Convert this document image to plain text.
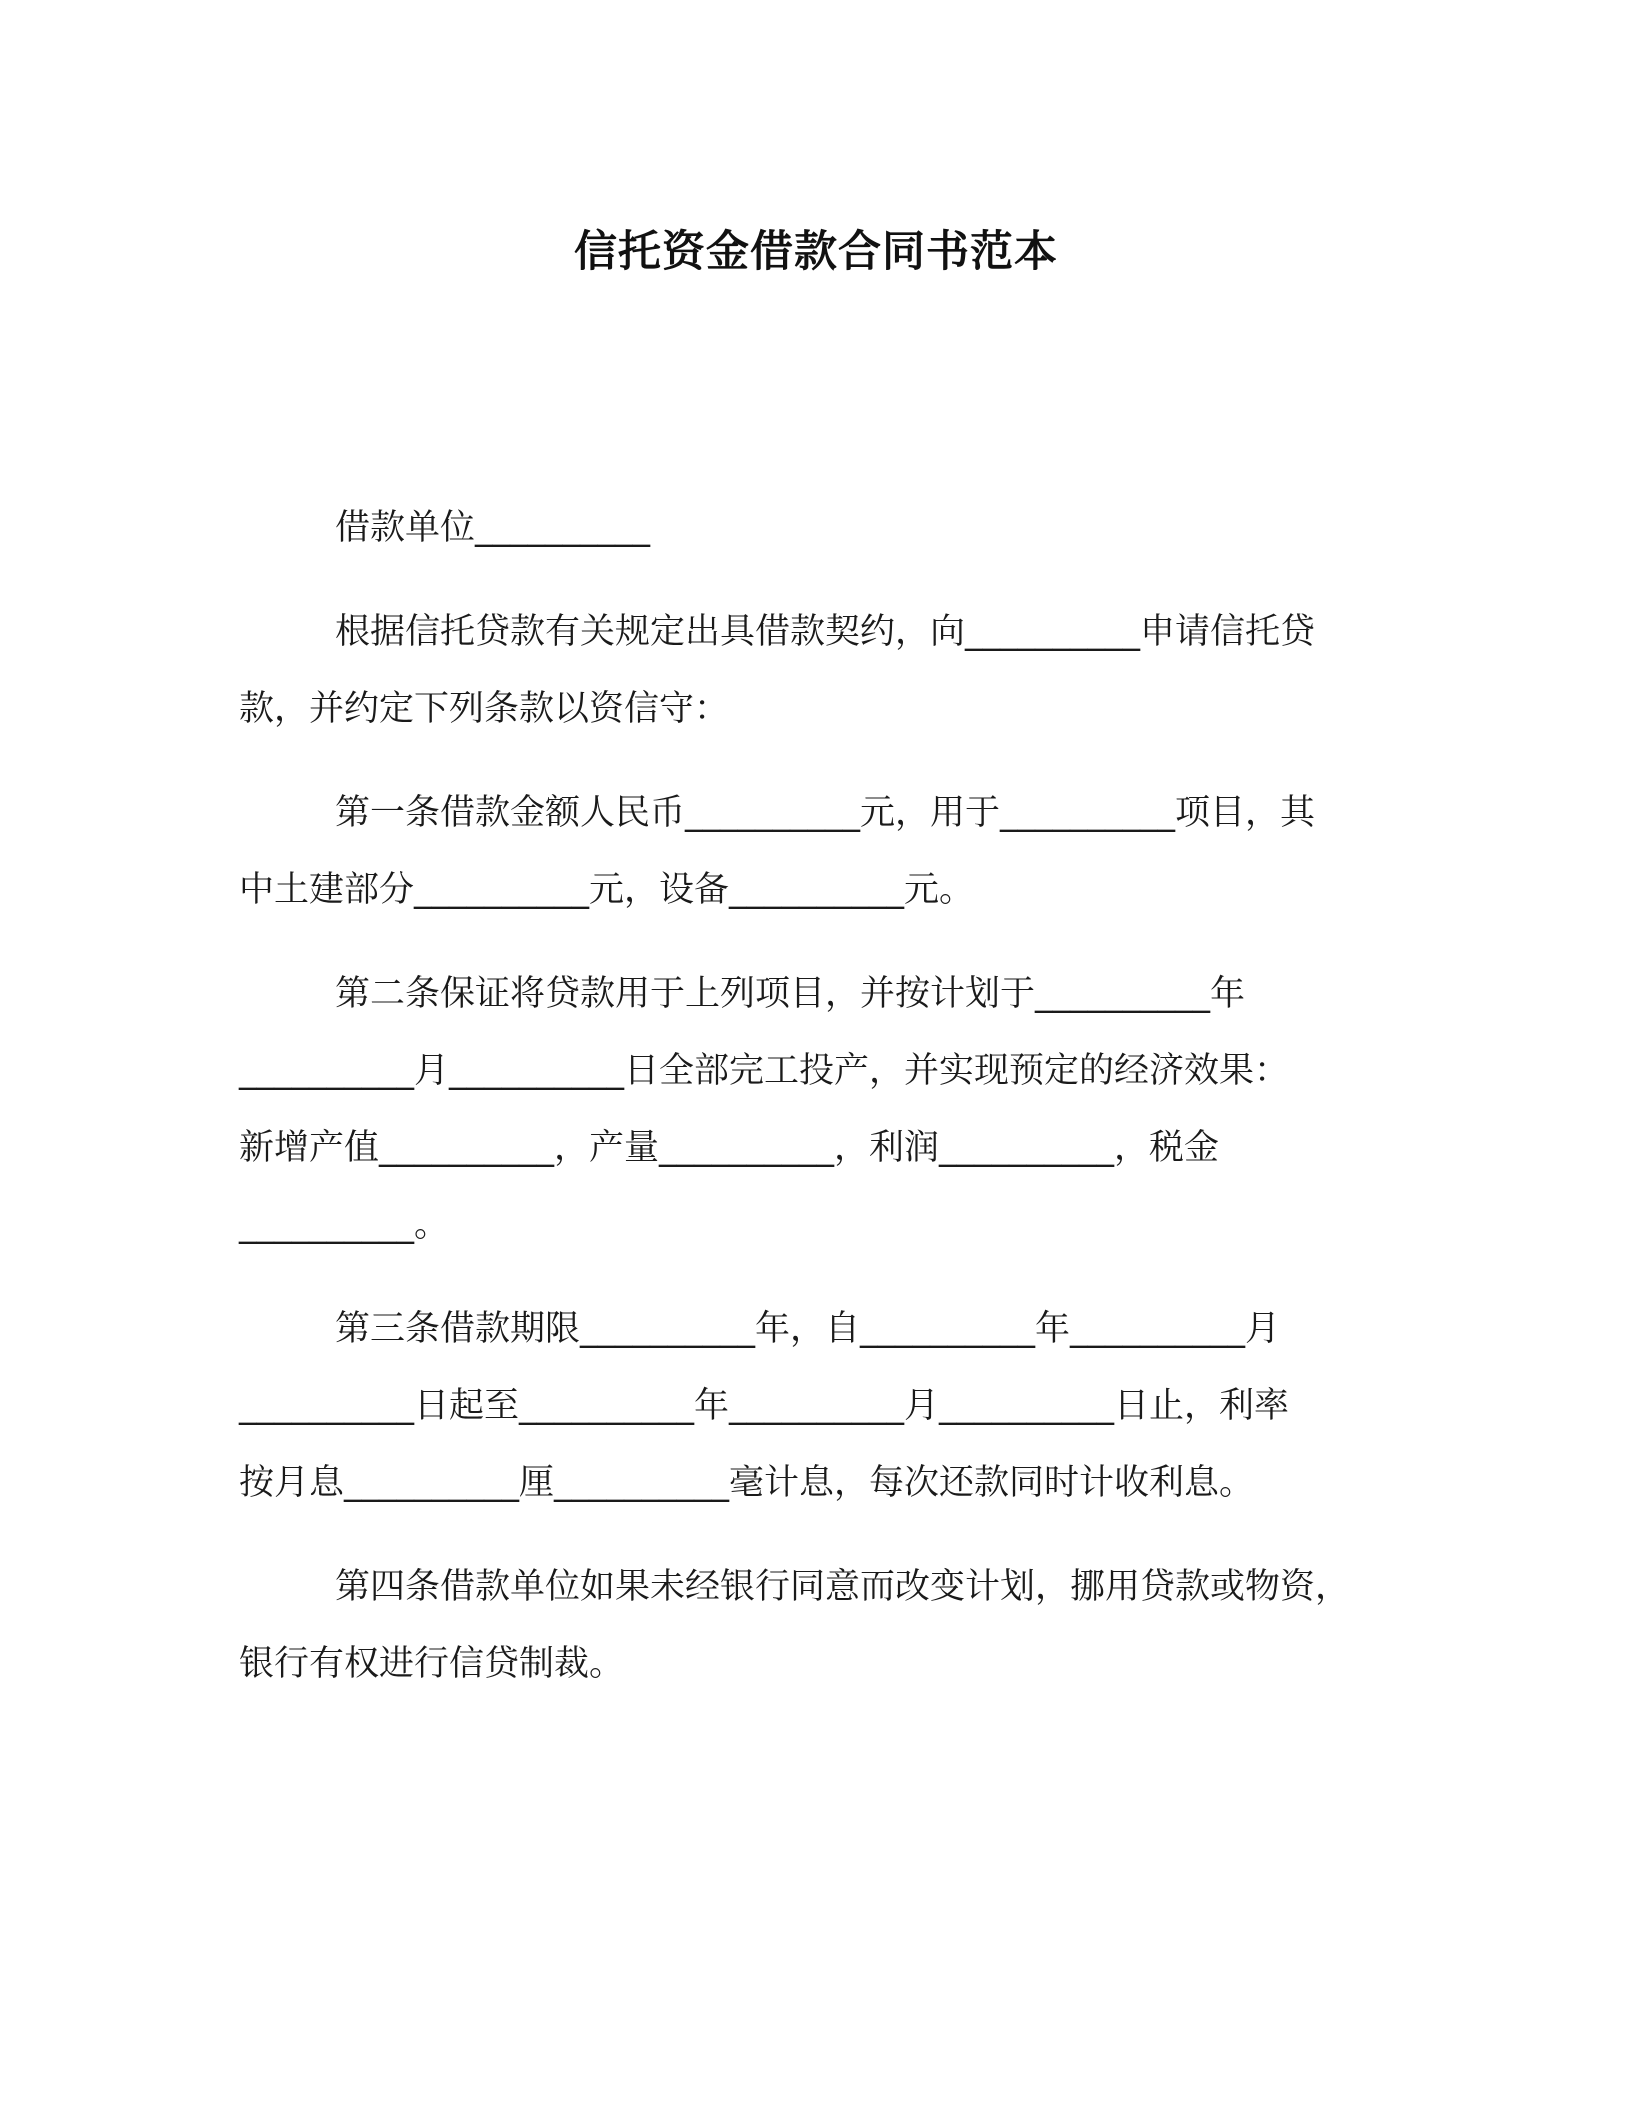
信托资金借款合同书范本
借款单位__________
根据信托贷款有关规定出具借款契约，向__________申请信托贷
款，并约定下列条款以资信守：
第一条借款金额人民币__________元，用于__________项目，其
中土建部分__________元，设备__________元。
第二条保证将贷款用于上列项目，并按计划于__________年
__________月__________日全部完工投产，并实现预定的经济效果：
新增产值__________，产量__________，利润__________，税金
__________。
第三条借款期限__________年，自__________年__________月
__________日起至__________年__________月__________日止，利率
按月息__________厘__________毫计息，每次还款同时计收利息。
第四条借款单位如果未经银行同意而改变计划，挪用贷款或物资，
银行有权进行信贷制裁。
